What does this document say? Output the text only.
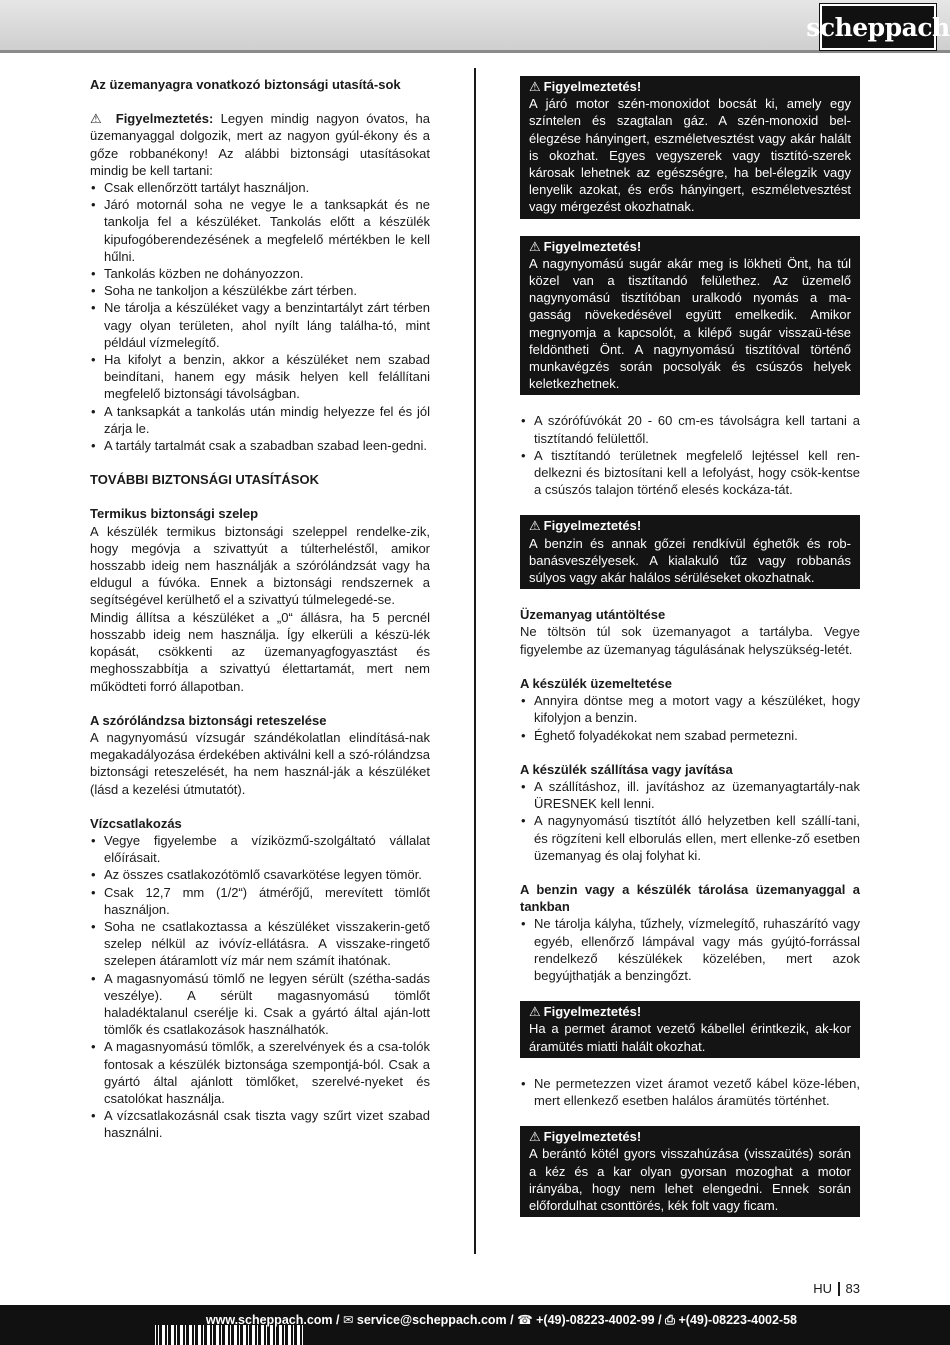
scheppach

Az üzemanyagra vonatkozó biztonsági utasítá-sok

⚠ Figyelmeztetés: Legyen mindig nagyon óvatos, ha üzemanyaggal dolgozik, mert az nagyon gyúl-ékony és a gőze robbanékony! Az alábbi biztonsági utasításokat mindig be kell tartani:

• Csak ellenőrzött tartályt használjon.
• Járó motornál soha ne vegye le a tanksapkát és ne tankolja fel a készüléket. Tankolás előtt a készülék kipufogóberendezésének a megfelelő mértékben le kell hűlni.
• Tankolás közben ne dohányozzon.
• Soha ne tankoljon a készülékbe zárt térben.
• Ne tárolja a készüléket vagy a benzintartályt zárt térben vagy olyan területen, ahol nyílt láng találha-tó, mint például vízmelegítő.
• Ha kifolyt a benzin, akkor a készüléket nem szabad beindítani, hanem egy másik helyen kell felállítani megfelelő biztonsági távolságban.
• A tanksapkát a tankolás után mindig helyezze fel és jól zárja le.
• A tartály tartalmát csak a szabadban szabad leen-gedni.

TOVÁBBI BIZTONSÁGI UTASÍTÁSOK

Termikus biztonsági szelep

A készülék termikus biztonsági szeleppel rendelke-zik, hogy megóvja a szivattyút a túlterheléstől, amikor hosszabb ideig nem használják a szórólándzsát vagy ha eldugul a fúvóka. Ennek a biztonsági rendszernek a segítségével kerülhető el a szivattyú túlmelegedé-se.

Mindig állítsa a készüléket a „0“ állásra, ha 5 percnél hosszabb ideig nem használja. Így elkerüli a készü-lék kopását, csökkenti az üzemanyagfogyasztást és meghosszabbítja a szivattyú élettartamát, mert nem működteti forró állapotban.

A szórólándzsa biztonsági reteszelése

A nagynyomású vízsugár szándékolatlan elindításá-nak megakadályozása érdekében aktiválni kell a szó-rólándzsa biztonsági reteszelését, ha nem használ-ják a készüléket (lásd a kezelési útmutatót).

Vízcsatlakozás

• Vegye figyelembe a víziközmű-szolgáltató vállalat előírásait.
• Az összes csatlakozótömlő csavarkötése legyen tömör.
• Csak 12,7 mm (1/2“) átmérőjű, merevített tömlőt használjon.
• Soha ne csatlakoztassa a készüléket visszakerin-gető szelep nélkül az ivóvíz-ellátásra. A visszake-ringető szelepen átáramlott víz már nem számít ihatónak.
• A magasnyomású tömlő ne legyen sérült (szétha-sadás veszélye). A sérült magasnyomású tömlőt haladéktalanul cserélje ki. Csak a gyártó által aján-lott tömlők és csatlakozások használhatók.
• A magasnyomású tömlők, a szerelvények és a csa-tolók fontosak a készülék biztonsága szempontjá-ból. Csak a gyártó által ajánlott tömlőket, szerelvé-nyeket és csatolókat használja.
• A vízcsatlakozásnál csak tiszta vagy szűrt vizet szabad használni.
⚠ Figyelmeztetés!
A járó motor szén-monoxidot bocsát ki, amely egy színtelen és szagtalan gáz. A szén-monoxid bel-élegzése hányingert, eszméletvesztést vagy akár halált is okozhat. Egyes vegyszerek vagy tisztító-szerek károsak lehetnek az egészségre, ha bel-élegzik vagy lenyelik azokat, és erős hányingert, eszméletvesztést vagy mérgezést okozhatnak.
⚠ Figyelmeztetés!
A nagynyomású sugár akár meg is lökheti Önt, ha túl közel van a tisztítandó felülethez. Az üzemelő nagynyomású tisztítóban uralkodó nyomás a ma-gasság növekedésével együtt emelkedik. Amikor megnyomja a kapcsolót, a kilépő sugár visszaü-tése feldöntheti Önt. A nagynyomású tisztítóval történő munkavégzés során pocsolyák és csúszós helyek keletkezhetnek.
• A szórófúvókát 20 - 60 cm-es távolságra kell tartani a tisztítandó felülettől.
• A tisztítandó területnek megfelelő lejtéssel kell ren-delkezni és biztosítani kell a lefolyást, hogy csök-kentse a csúszós talajon történő elesés kockáza-tát.
⚠ Figyelmeztetés!
A benzin és annak gőzei rendkívül éghetők és rob-banásveszélyesek. A kialakuló tűz vagy robbanás súlyos vagy akár halálos sérüléseket okozhatnak.

Üzemanyag utántöltése

Ne töltsön túl sok üzemanyagot a tartályba. Vegye figyelembe az üzemanyag tágulásának helyszükség-letét.

A készülék üzemeltetése

• Annyira döntse meg a motort vagy a készüléket, hogy kifolyjon a benzin.
• Éghető folyadékokat nem szabad permetezni.

A készülék szállítása vagy javítása

• A szállításhoz, ill. javításhoz az üzemanyagtartály-nak ÜRESNEK kell lenni.
• A nagynyomású tisztítót álló helyzetben kell szállí-tani, és rögzíteni kell elborulás ellen, mert ellenke-ző esetben üzemanyag és olaj folyhat ki.

A benzin vagy a készülék tárolása üzemanyaggal a tankban

• Ne tárolja kályha, tűzhely, vízmelegítő, ruhaszárító vagy egyéb, ellenőrző lámpával vagy más gyújtó-forrással rendelkező készülékek közelében, mert azok begyújthatják a benzingőzt.
⚠ Figyelmeztetés!
Ha a permet áramot vezető kábellel érintkezik, ak-kor áramütés miatti halált okozhat.
• Ne permetezzen vizet áramot vezető kábel köze-lében, mert ellenkező esetben halálos áramütés történhet.
⚠ Figyelmeztetés!
A berántó kötél gyors visszahúzása (visszaütés) során a kéz és a kar olyan gyorsan mozoghat a motor irányába, hogy nem lehet elengedni. Ennek során előfordulhat csonttörés, kék folt vagy ficam.
HU 83
www.scheppach.com / ✉ service@scheppach.com / ☎ +(49)-08223-4002-99 / ⎙ +(49)-08223-4002-58
